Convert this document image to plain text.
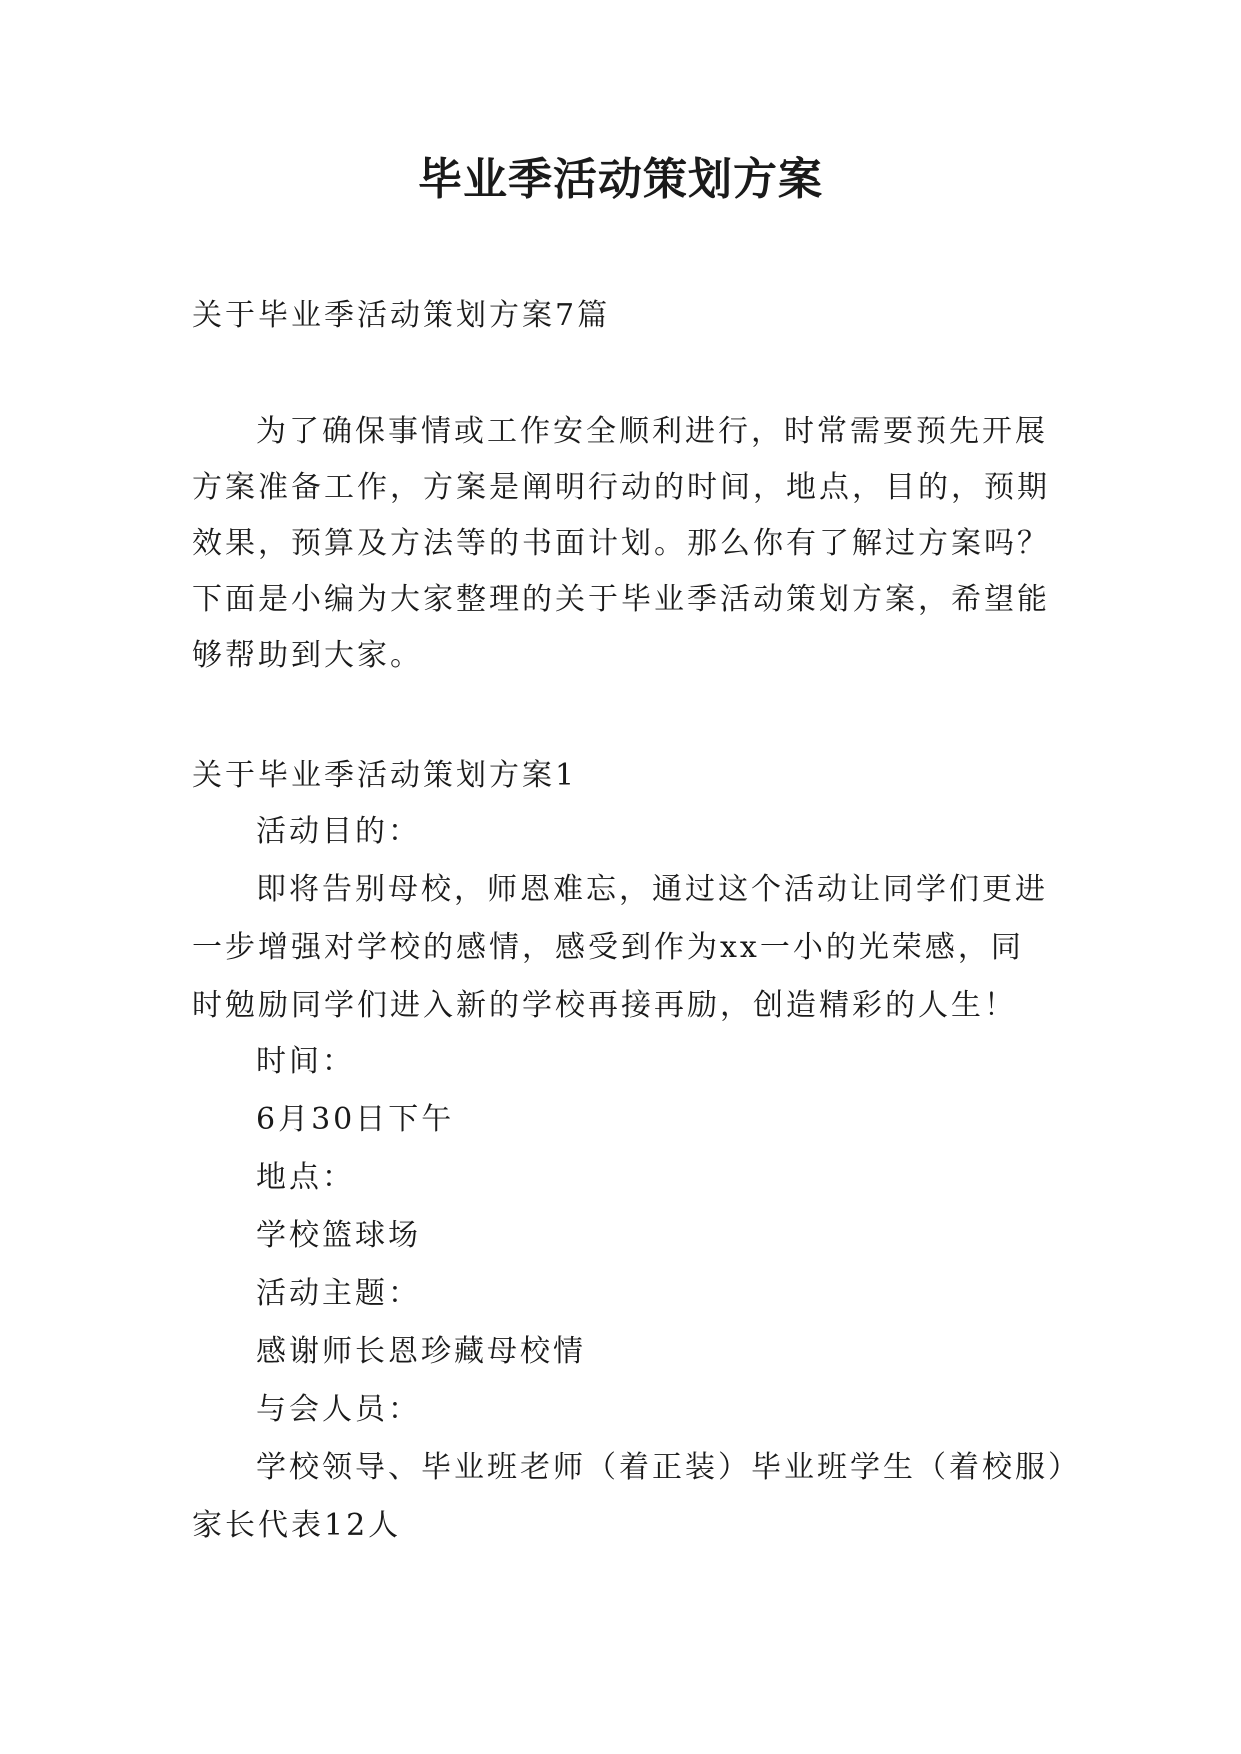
毕业季活动策划方案
关于毕业季活动策划方案7篇
为了确保事情或工作安全顺利进行，时常需要预先开展
方案准备工作，方案是阐明行动的时间，地点，目的，预期
效果，预算及方法等的书面计划。那么你有了解过方案吗？
下面是小编为大家整理的关于毕业季活动策划方案，希望能
够帮助到大家。
关于毕业季活动策划方案1
活动目的：
即将告别母校，师恩难忘，通过这个活动让同学们更进
一步增强对学校的感情，感受到作为xx一小的光荣感，同
时勉励同学们进入新的学校再接再励，创造精彩的人生！
时间：
6月30日下午
地点：
学校篮球场
活动主题：
感谢师长恩珍藏母校情
与会人员：
学校领导、毕业班老师（着正装）毕业班学生（着校服）
家长代表12人
